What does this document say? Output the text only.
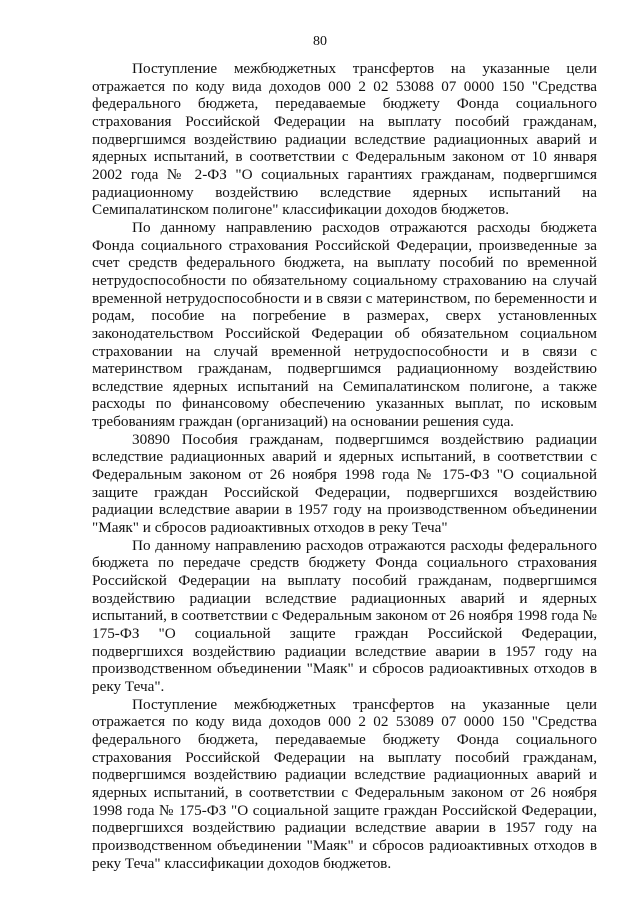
80

Поступление межбюджетных трансфертов на указанные цели отражается по коду вида доходов 000 2 02 53088 07 0000 150 "Средства федерального бюджета, передаваемые бюджету Фонда социального страхования Российской Федерации на выплату пособий гражданам, подвергшимся воздействию радиации вследствие радиационных аварий и ядерных испытаний, в соответствии с Федеральным законом от 10 января 2002 года № 2-ФЗ "О социальных гарантиях гражданам, подвергшимся радиационному воздействию вследствие ядерных испытаний на Семипалатинском полигоне" классификации доходов бюджетов.

По данному направлению расходов отражаются расходы бюджета Фонда социального страхования Российской Федерации, произведенные за счет средств федерального бюджета, на выплату пособий по временной нетрудоспособности по обязательному социальному страхованию на случай временной нетрудоспособности и в связи с материнством, по беременности и родам, пособие на погребение в размерах, сверх установленных законодательством Российской Федерации об обязательном социальном страховании на случай временной нетрудоспособности и в связи с материнством гражданам, подвергшимся радиационному воздействию вследствие ядерных испытаний на Семипалатинском полигоне, а также расходы по финансовому обеспечению указанных выплат, по исковым требованиям граждан (организаций) на основании решения суда.

30890 Пособия гражданам, подвергшимся воздействию радиации вследствие радиационных аварий и ядерных испытаний, в соответствии с Федеральным законом от 26 ноября 1998 года № 175-ФЗ "О социальной защите граждан Российской Федерации, подвергшихся воздействию радиации вследствие аварии в 1957 году на производственном объединении "Маяк" и сбросов радиоактивных отходов в реку Теча"

По данному направлению расходов отражаются расходы федерального бюджета по передаче средств бюджету Фонда социального страхования Российской Федерации на выплату пособий гражданам, подвергшимся воздействию радиации вследствие радиационных аварий и ядерных испытаний, в соответствии с Федеральным законом от 26 ноября 1998 года № 175-ФЗ "О социальной защите граждан Российской Федерации, подвергшихся воздействию радиации вследствие аварии в 1957 году на производственном объединении "Маяк" и сбросов радиоактивных отходов в реку Теча".

Поступление межбюджетных трансфертов на указанные цели отражается по коду вида доходов 000 2 02 53089 07 0000 150 "Средства федерального бюджета, передаваемые бюджету Фонда социального страхования Российской Федерации на выплату пособий гражданам, подвергшимся воздействию радиации вследствие радиационных аварий и ядерных испытаний, в соответствии с Федеральным законом от 26 ноября 1998 года № 175-ФЗ "О социальной защите граждан Российской Федерации, подвергшихся воздействию радиации вследствие аварии в 1957 году на производственном объединении "Маяк" и сбросов радиоактивных отходов в реку Теча" классификации доходов бюджетов.
